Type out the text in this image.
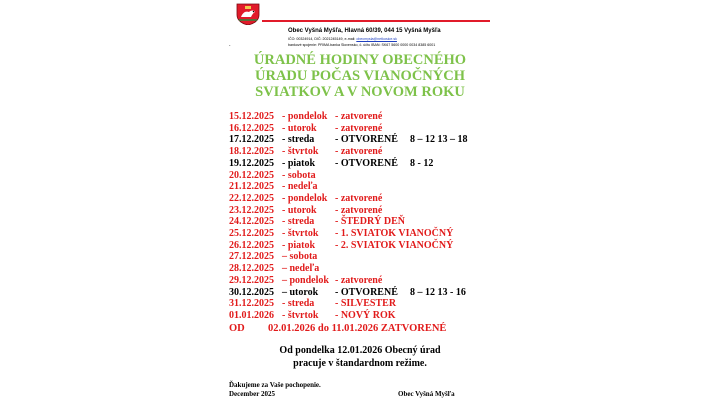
Obec Vyšná Myšľa, Hlavná 60/39, 044 15 Vyšná Myšľa
IČO: 00324914, DIČ: 2021245149, e-mail: obecmysla@netkosice.sk
bankové spojenie: PRIMA banka Slovensko, č. účtu IBAN: SK67 5600 0000 0034 8385 6001
.
ÚRADNÉ HODINY OBECNÉHO
ÚRADU POČAS VIANOČNÝCH
SVIATKOV A V NOVOM ROKU
15.12.2025 - pondelok - zatvorené
16.12.2025 - utorok - zatvorené
17.12.2025 - streda - OTVORENÉ 8 – 12 13 – 18
18.12.2025 - štvrtok - zatvorené
19.12.2025 - piatok - OTVORENÉ 8 - 12
20.12.2025 - sobota
21.12.2025 - nedeľa
22.12.2025 - pondelok - zatvorené
23.12.2025 - utorok - zatvorené
24.12.2025 - streda - ŠTEDRÝ DEŇ
25.12.2025 - štvrtok - 1. SVIATOK VIANOČNÝ
26.12.2025 - piatok - 2. SVIATOK VIANOČNÝ
27.12.2025 – sobota
28.12.2025 – nedeľa
29.12.2025 – pondelok - zatvorené
30.12.2025 – utorok - OTVORENÉ 8 – 12 13 - 16
31.12.2025 - streda - SILVESTER
01.01.2026 - štvrtok - NOVÝ ROK
OD 02.01.2026 do 11.01.2026 ZATVORENÉ
Od pondelka 12.01.2026 Obecný úrad
pracuje v štandardnom režime.
Ďakujeme za Vaše pochopenie.
December 2025	Obec Vyšná Myšľa
